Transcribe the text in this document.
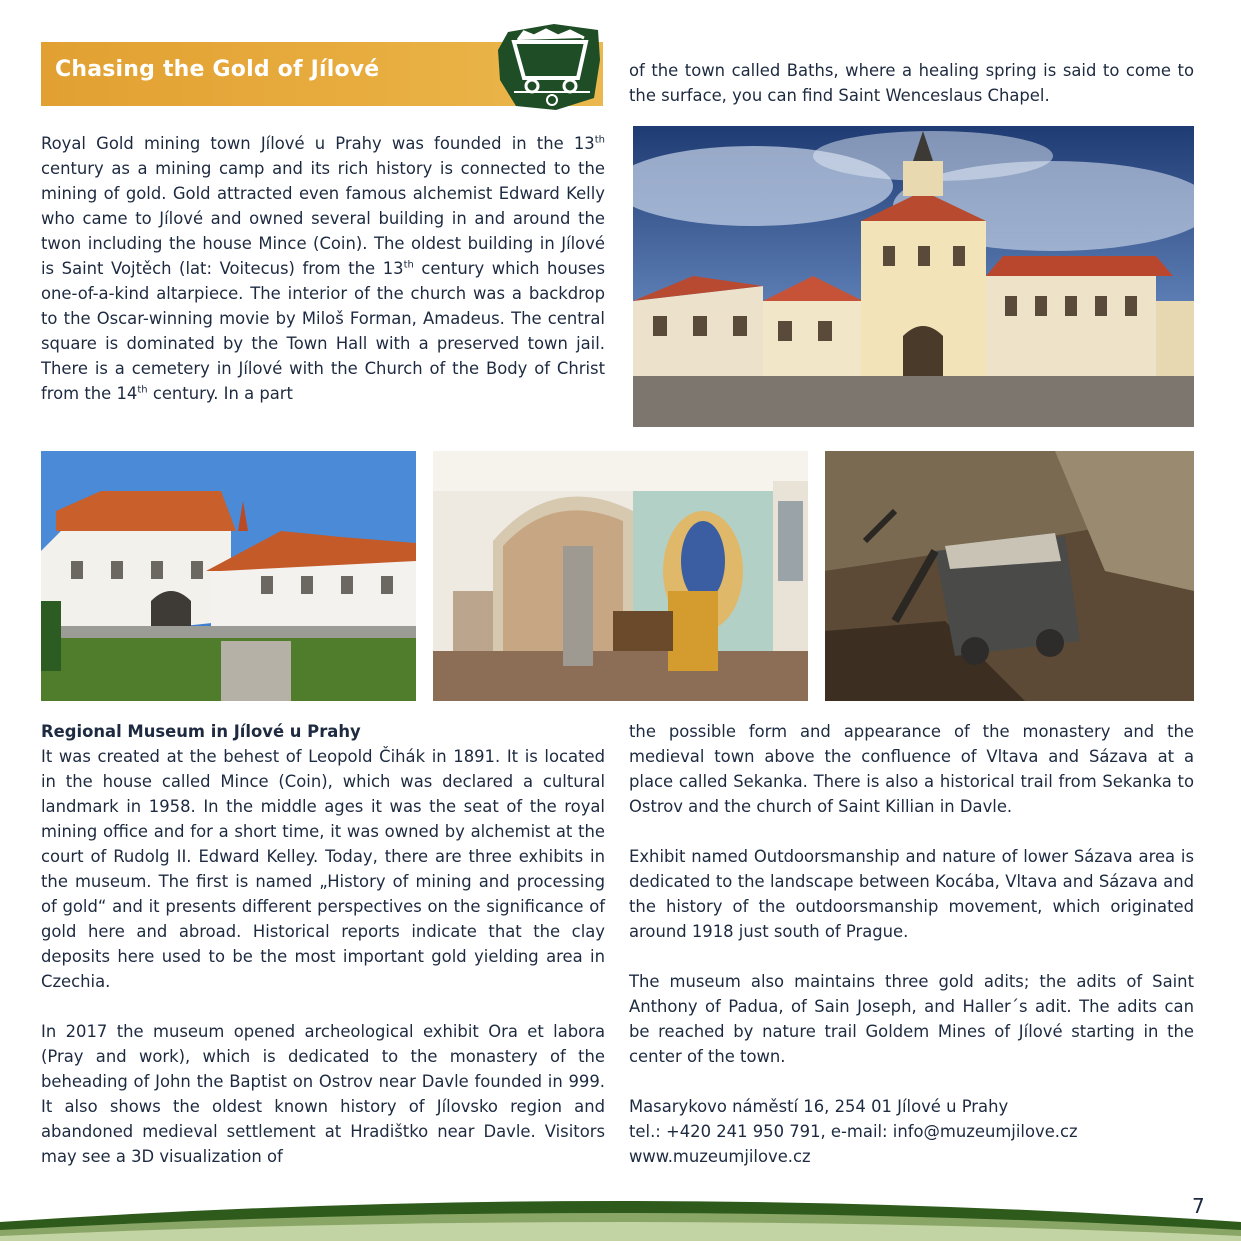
Chasing the Gold of Jílové	of the town called Baths, where a healing spring is said to come to the surface, you can find Saint Wenceslaus Chapel.

Royal Gold mining town Jílové u Prahy was founded in the 13th century as a mining camp and its rich history is connected to the mining of gold. Gold attracted even famous alchemist Edward Kelly who came to Jílové and owned several building in and around the twon including the house Mince (Coin). The oldest building in Jílové is Saint Vojtěch (lat: Voitecus) from the 13th century which houses one-of-a-kind altarpiece. The interior of the church was a backdrop to the Oscar-winning movie by Miloš Forman, Amadeus. The central square is dominated by the Town Hall with a preserved town jail. There is a cemetery in Jílové with the Church of the Body of Christ from the 14th century. In a part

Regional Museum in Jílové u Prahy

It was created at the behest of Leopold Čihák in 1891. It is located in the house called Mince (Coin), which was declared a cultural landmark in 1958. In the middle ages it was the seat of the royal mining office and for a short time, it was owned by alchemist at the court of Rudolg II. Edward Kelley. Today, there are three exhibits in the museum. The first is named „History of mining and processing of gold“ and it presents different perspectives on the significance of gold here and abroad. Historical reports indicate that the clay deposits here used to be the most important gold yielding area in Czechia.

In 2017 the museum opened archeological exhibit Ora et labora (Pray and work), which is dedicated to the monastery of the beheading of John the Baptist on Ostrov near Davle founded in 999. It also shows the oldest known history of Jílovsko region and abandoned medieval settlement at Hradištko near Davle. Visitors may see a 3D visualization of

the possible form and appearance of the monastery and the medieval town above the confluence of Vltava and Sázava at a place called Sekanka. There is also a historical trail from Sekanka to Ostrov and the church of Saint Killian in Davle.

Exhibit named Outdoorsmanship and nature of lower Sázava area is dedicated to the landscape between Kocába, Vltava and Sázava and the history of the outdoorsmanship movement, which originated around 1918 just south of Prague.

The museum also maintains three gold adits; the adits of Saint Anthony of Padua, of Sain Joseph, and Haller´s adit. The adits can be reached by nature trail Goldem Mines of Jílové starting in the center of the town.

Masarykovo náměstí 16, 254 01 Jílové u Prahy

tel.: +420 241 950 791, e-mail: info@muzeumjilove.cz

www.muzeumjilove.cz

7
